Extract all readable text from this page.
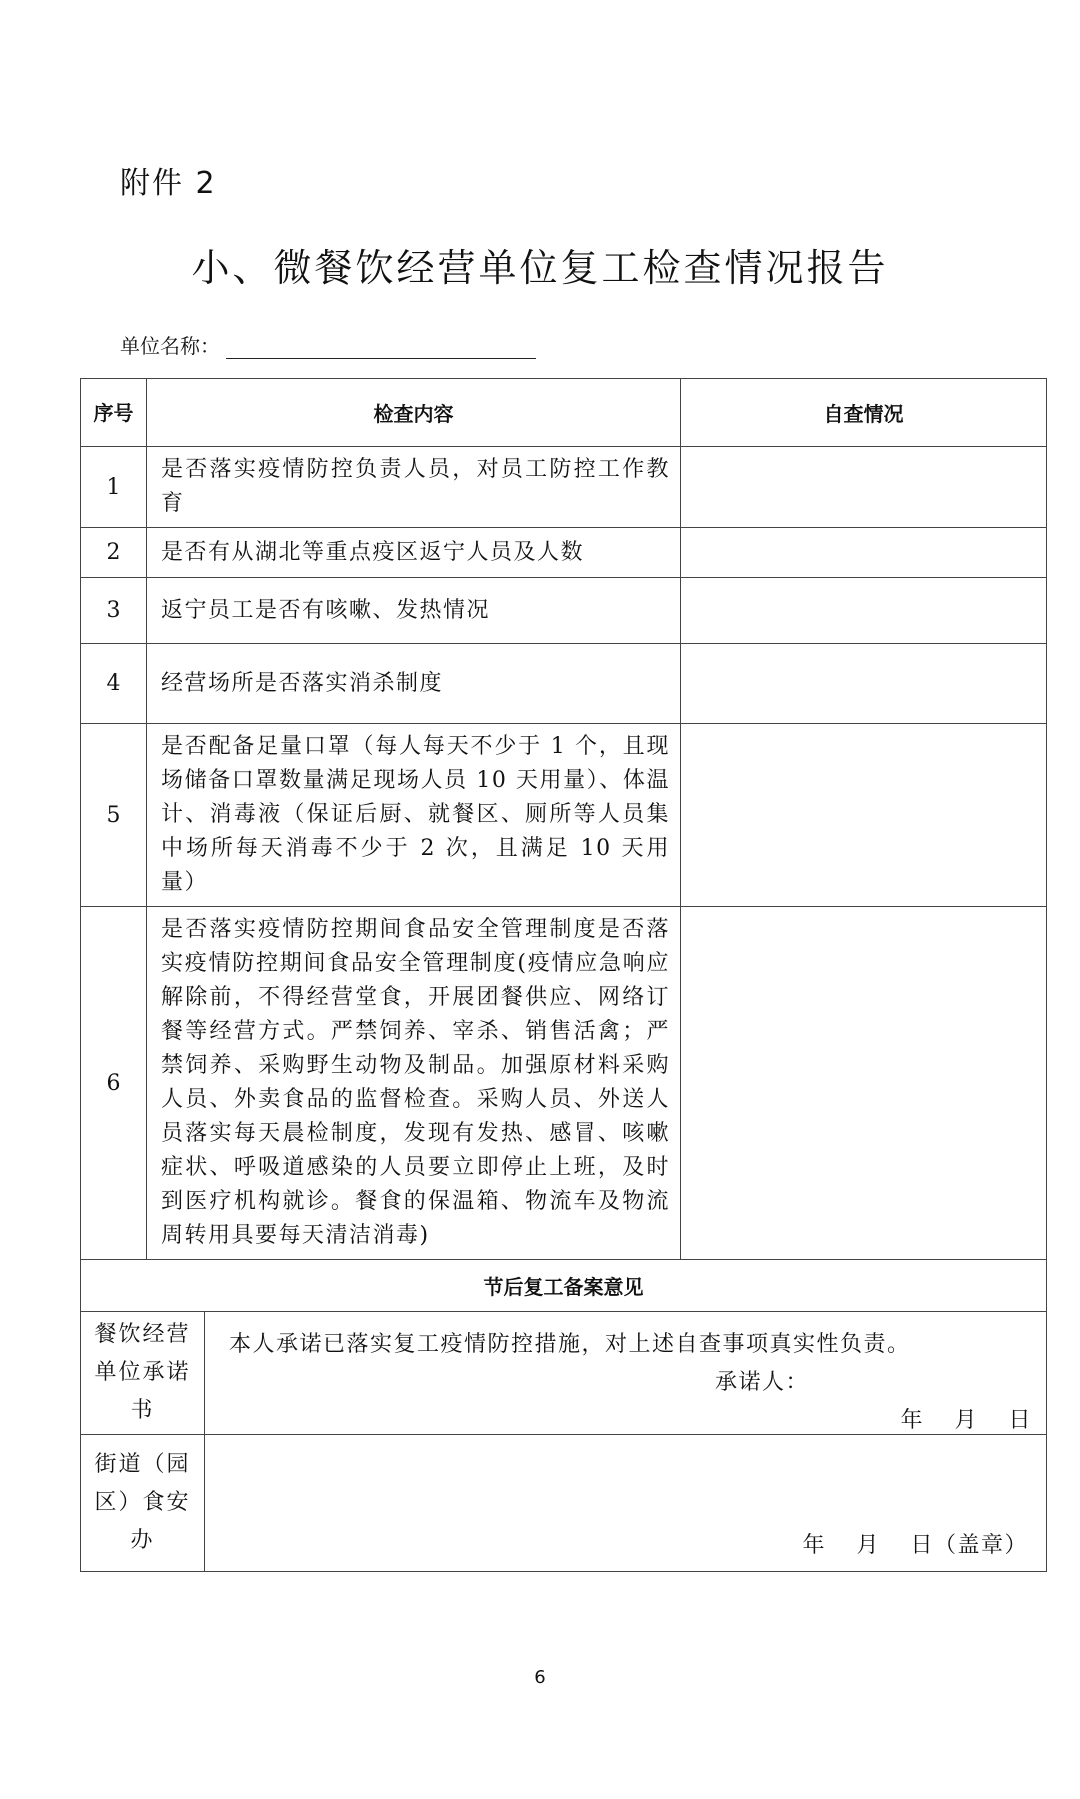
附件 2
小、微餐饮经营单位复工检查情况报告
单位名称：
序号	检查内容		自查情况
1	是否落实疫情防控负责人员，对员工防控工作教育		
2	是否有从湖北等重点疫区返宁人员及人数		
3	返宁员工是否有咳嗽、发热情况		
4	经营场所是否落实消杀制度		
5	是否配备足量口罩（每人每天不少于 1 个，且现场储备口罩数量满足现场人员 10 天用量）、体温计、消毒液（保证后厨、就餐区、厕所等人员集中场所每天消毒不少于 2 次，且满足 10 天用量）		
6	是否落实疫情防控期间食品安全管理制度是否落实疫情防控期间食品安全管理制度(疫情应急响应解除前，不得经营堂食，开展团餐供应、网络订餐等经营方式。严禁饲养、宰杀、销售活禽；严禁饲养、采购野生动物及制品。加强原材料采购人员、外卖食品的监督检查。采购人员、外送人员落实每天晨检制度，发现有发热、感冒、咳嗽症状、呼吸道感染的人员要立即停止上班，及时到医疗机构就诊。餐食的保温箱、物流车及物流周转用具要每天清洁消毒)		
节后复工备案意见			
餐饮经营单位承诺书		本人承诺已落实复工疫情防控措施，对上述自查事项真实性负责。
承诺人：
年 月 日	

街道（园区）食安办		年 月 日（盖章）	
6
